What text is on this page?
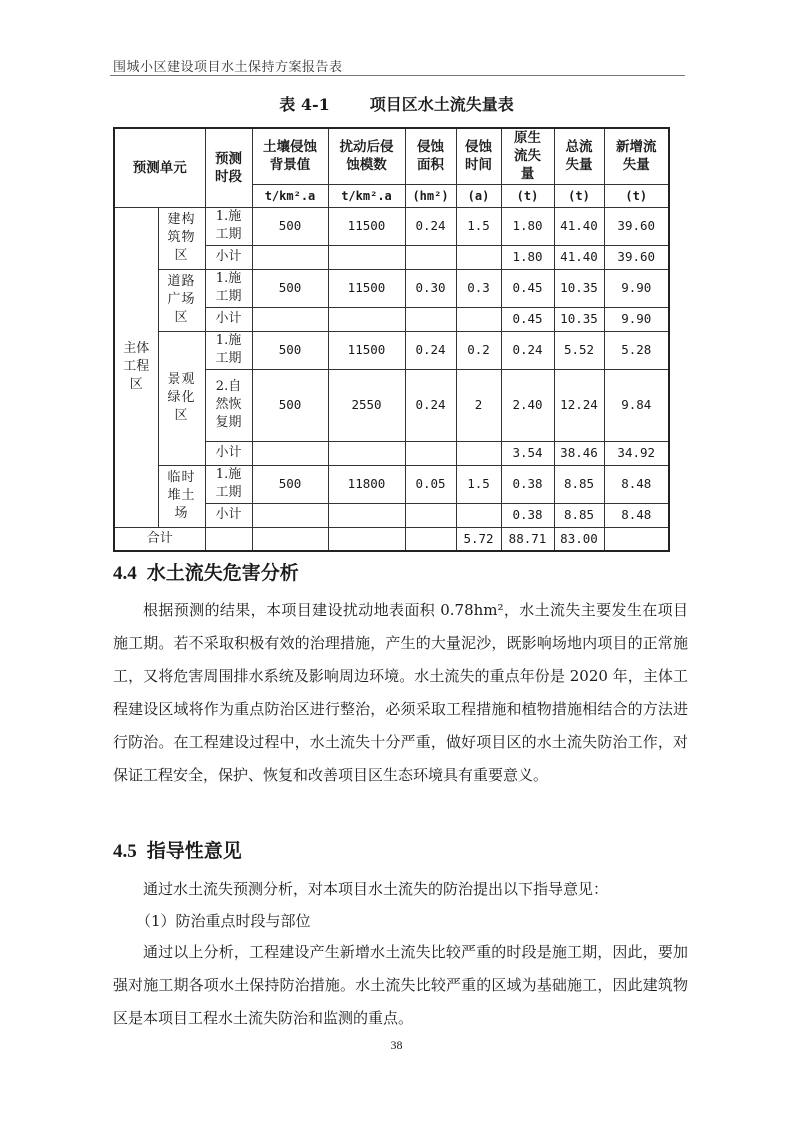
围城小区建设项目水土保持方案报告表
表 4-1	项目区水土流失量表
预测单元		预测时段	土壤侵蚀背景值	扰动后侵蚀模数	侵蚀面积	侵蚀时间	原生流失量	总流失量	新增流失量

			t/km².a	t/km².a	(hm²)	(a)	(t)	(t)	(t)

主体工程区	建构筑物区	1.施工期	500	11500	0.24	1.5	1.80	41.40	39.60

		小计					1.80	41.40	39.60

	道路广场区	1.施工期	500	11500	0.30	0.3	0.45	10.35	9.90

		小计					0.45	10.35	9.90

	景观绿化区	1.施工期	500	11500	0.24	0.2	0.24	5.52	5.28

		2.自然恢复期	500	2550	0.24	2	2.40	12.24	9.84

		小计					3.54	38.46	34.92

	临时堆土场	1.施工期	500	11800	0.05	1.5	0.38	8.85	8.48

		小计					0.38	8.85	8.48
合计						5.72	88.71	83.00	
4.4 水土流失危害分析
根据预测的结果，本项目建设扰动地表面积 0.78hm²，水土流失主要发生在项目施工期。若不采取积极有效的治理措施，产生的大量泥沙，既影响场地内项目的正常施工，又将危害周围排水系统及影响周边环境。水土流失的重点年份是 2020 年，主体工程建设区域将作为重点防治区进行整治，必须采取工程措施和植物措施相结合的方法进行防治。在工程建设过程中，水土流失十分严重，做好项目区的水土流失防治工作，对保证工程安全，保护、恢复和改善项目区生态环境具有重要意义。
4.5 指导性意见
通过水土流失预测分析，对本项目水土流失的防治提出以下指导意见：
（1）防治重点时段与部位
通过以上分析，工程建设产生新增水土流失比较严重的时段是施工期，因此，要加强对施工期各项水土保持防治措施。水土流失比较严重的区域为基础施工，因此建筑物区是本项目工程水土流失防治和监测的重点。
38
